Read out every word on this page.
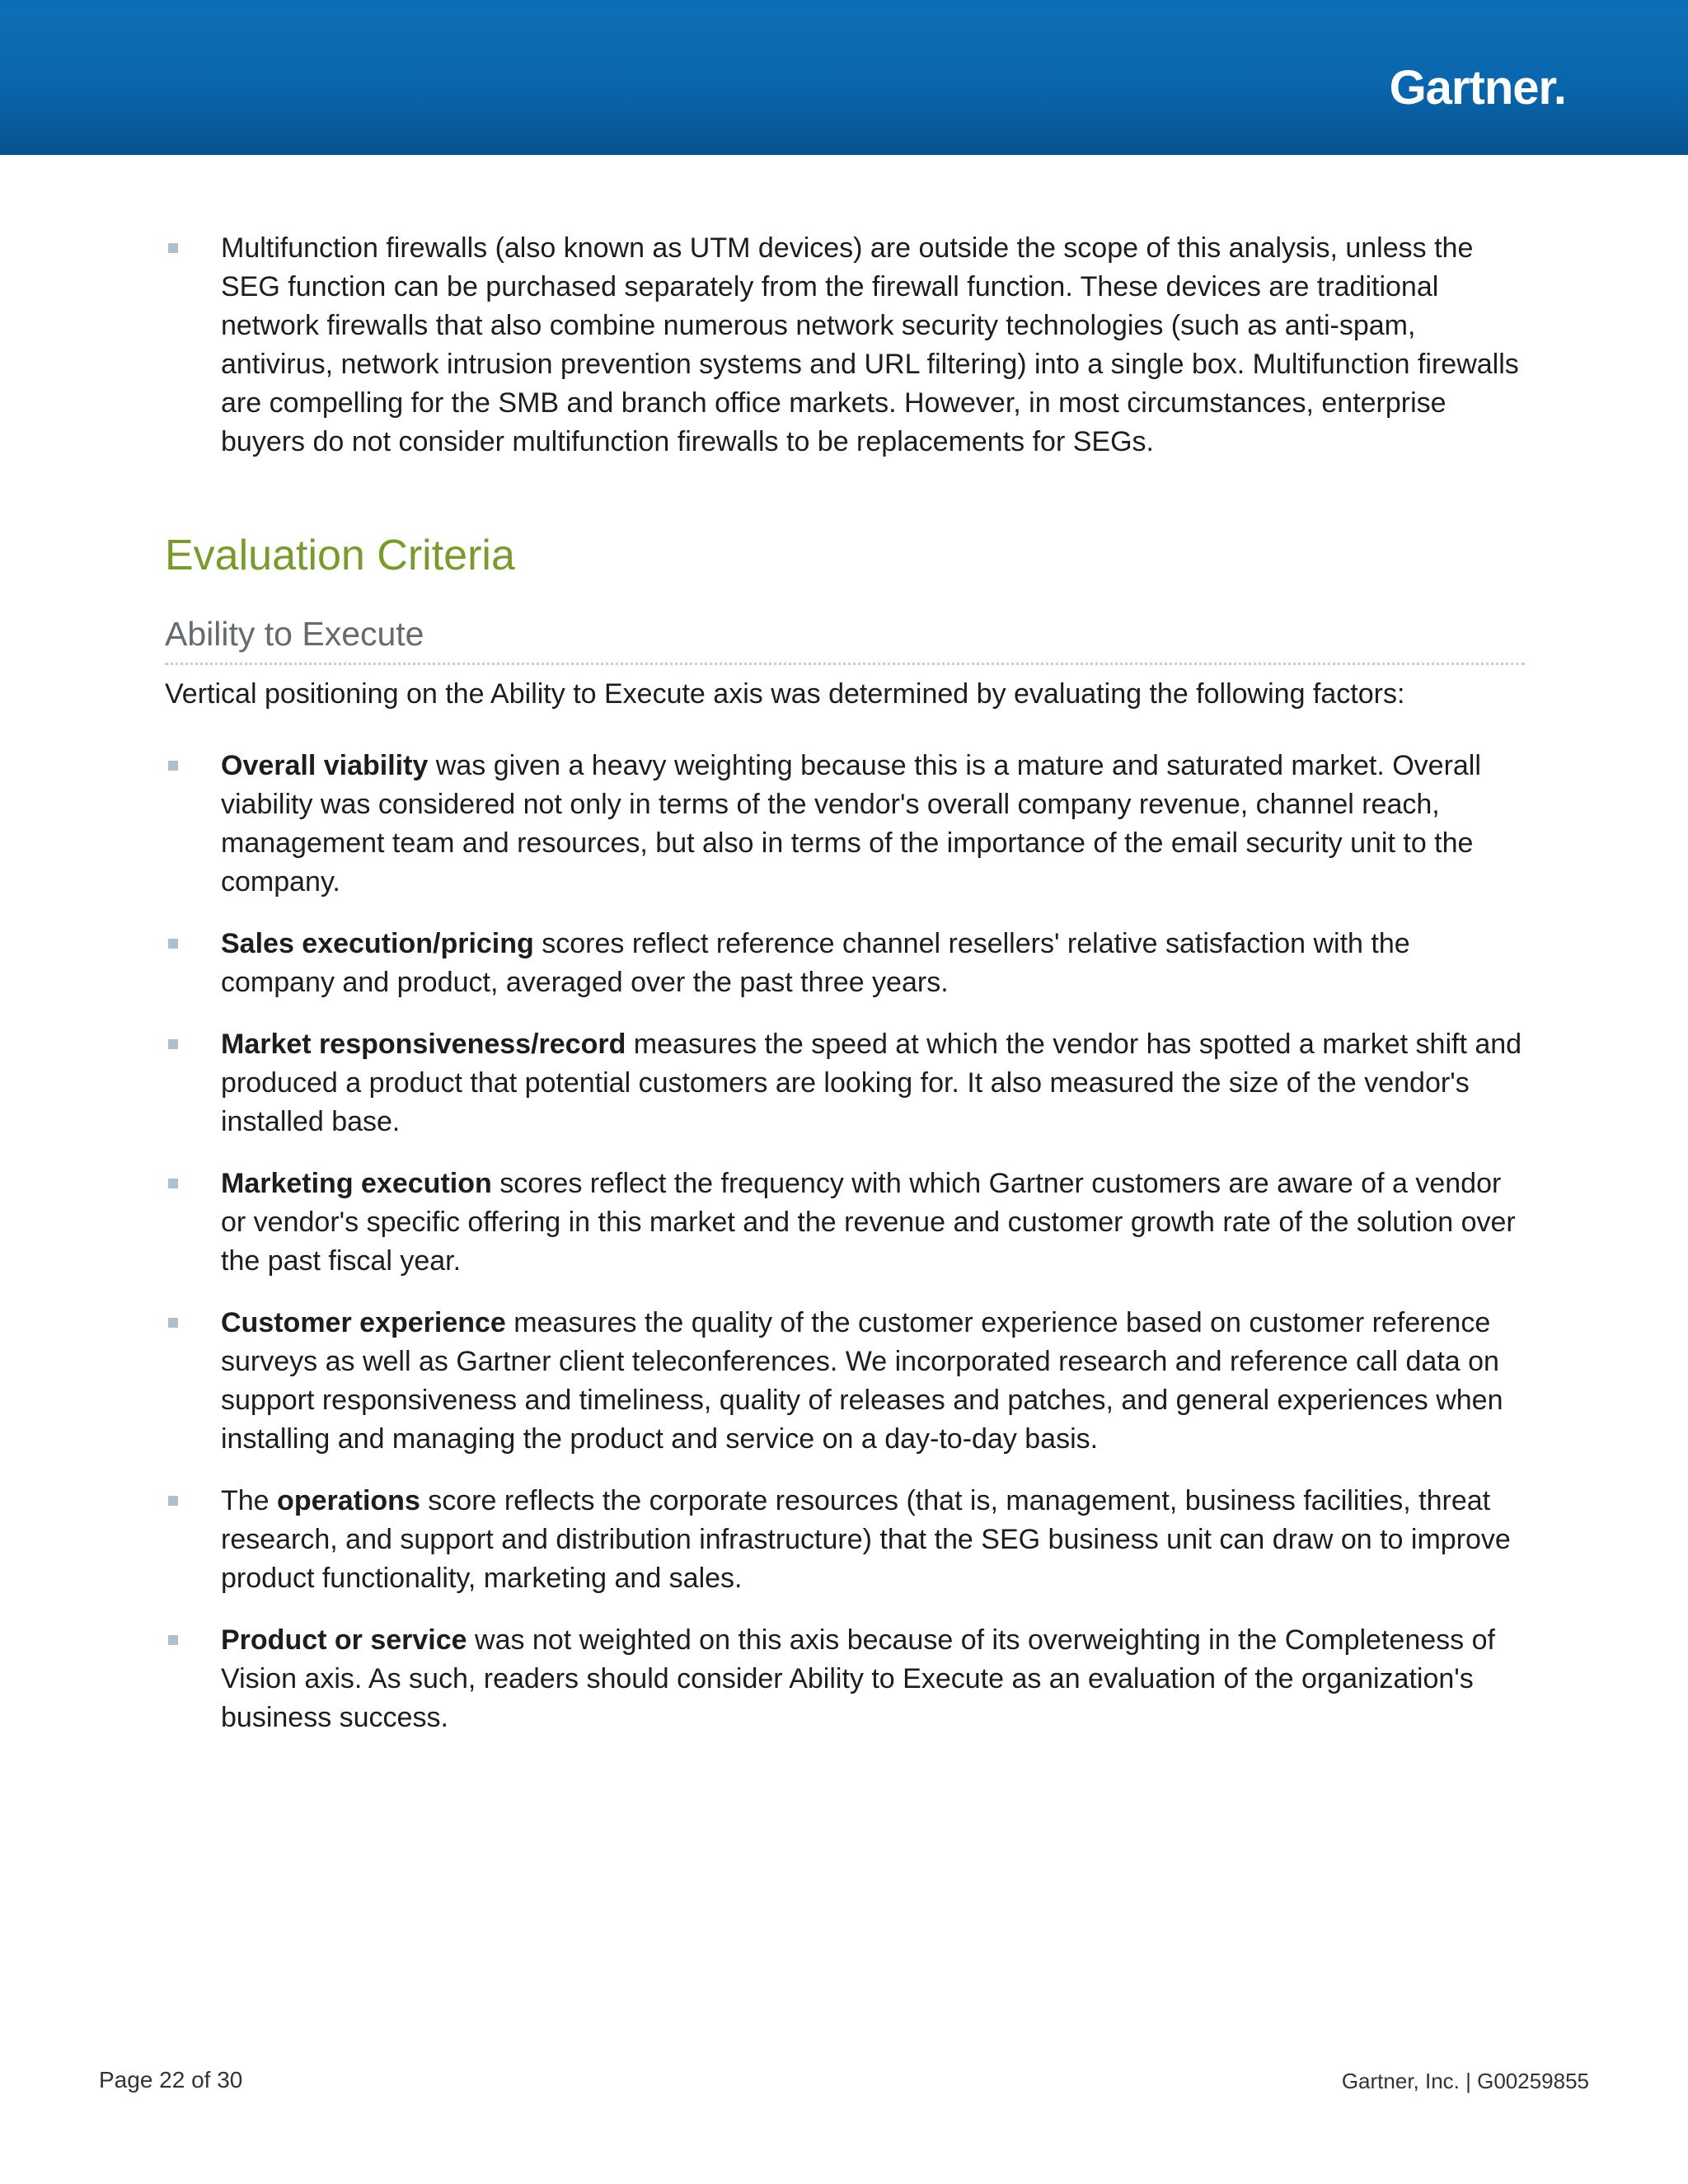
Gartner.
Multifunction firewalls (also known as UTM devices) are outside the scope of this analysis, unless the SEG function can be purchased separately from the firewall function. These devices are traditional network firewalls that also combine numerous network security technologies (such as anti-spam, antivirus, network intrusion prevention systems and URL filtering) into a single box. Multifunction firewalls are compelling for the SMB and branch office markets. However, in most circumstances, enterprise buyers do not consider multifunction firewalls to be replacements for SEGs.
Evaluation Criteria
Ability to Execute
Vertical positioning on the Ability to Execute axis was determined by evaluating the following factors:
Overall viability was given a heavy weighting because this is a mature and saturated market. Overall viability was considered not only in terms of the vendor's overall company revenue, channel reach, management team and resources, but also in terms of the importance of the email security unit to the company.
Sales execution/pricing scores reflect reference channel resellers' relative satisfaction with the company and product, averaged over the past three years.
Market responsiveness/record measures the speed at which the vendor has spotted a market shift and produced a product that potential customers are looking for. It also measured the size of the vendor's installed base.
Marketing execution scores reflect the frequency with which Gartner customers are aware of a vendor or vendor's specific offering in this market and the revenue and customer growth rate of the solution over the past fiscal year.
Customer experience measures the quality of the customer experience based on customer reference surveys as well as Gartner client teleconferences. We incorporated research and reference call data on support responsiveness and timeliness, quality of releases and patches, and general experiences when installing and managing the product and service on a day-to-day basis.
The operations score reflects the corporate resources (that is, management, business facilities, threat research, and support and distribution infrastructure) that the SEG business unit can draw on to improve product functionality, marketing and sales.
Product or service was not weighted on this axis because of its overweighting in the Completeness of Vision axis. As such, readers should consider Ability to Execute as an evaluation of the organization's business success.
Page 22 of 30	Gartner, Inc. | G00259855
